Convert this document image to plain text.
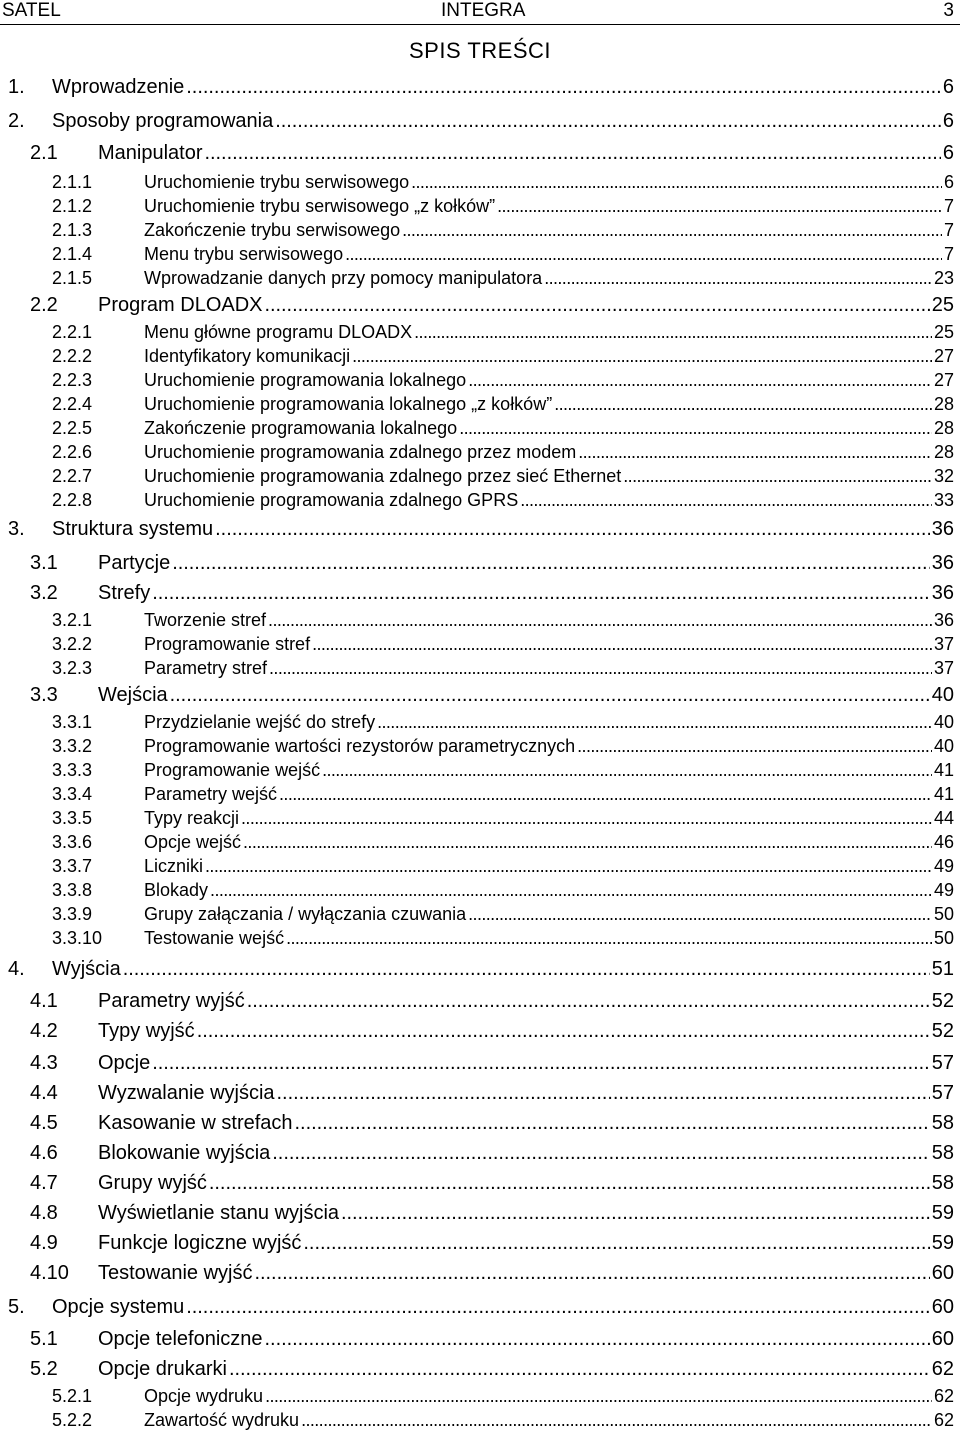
SATEL	INTEGRA	3
SPIS TREŚCI
1. Wprowadzenie . . .	6
2. Sposoby programowania . . .	6
2.1 Manipulator . . .	6
2.1.1	Uruchomienie trybu serwisowego . . .	6
2.1.2	Uruchomienie trybu serwisowego „z kołków” . . .	7
2.1.3	Zakończenie trybu serwisowego . . .	7
2.1.4	Menu trybu serwisowego . . .	7
2.1.5	Wprowadzanie danych przy pomocy manipulatora . . .	23
2.2 Program DLOADX . . .	25
2.2.1	Menu główne programu DLOADX . . .	25
2.2.2	Identyfikatory komunikacji . . .	27
2.2.3	Uruchomienie programowania lokalnego . . .	27
2.2.4	Uruchomienie programowania lokalnego „z kołków” . . .	28
2.2.5	Zakończenie programowania lokalnego . . .	28
2.2.6	Uruchomienie programowania zdalnego przez modem . . .	28
2.2.7	Uruchomienie programowania zdalnego przez sieć Ethernet . . .	32
2.2.8	Uruchomienie programowania zdalnego GPRS . . .	33
3. Struktura systemu . . .	36
3.1 Partycje . . .	36
3.2 Strefy . . .	36
3.2.1	Tworzenie stref . . .	36
3.2.2	Programowanie stref . . .	37
3.2.3	Parametry stref . . .	37
3.3 Wejścia . . .	40
3.3.1	Przydzielanie wejść do strefy . . .	40
3.3.2	Programowanie wartości rezystorów parametrycznych . . .	40
3.3.3	Programowanie wejść . . .	41
3.3.4	Parametry wejść . . .	41
3.3.5	Typy reakcji . . .	44
3.3.6	Opcje wejść . . .	46
3.3.7	Liczniki . . .	49
3.3.8	Blokady . . .	49
3.3.9	Grupy załączania / wyłączania czuwania . . .	50
3.3.10 Testowanie wejść . . .	50
4. Wyjścia . . .	51
4.1 Parametry wyjść . . .	52
4.2 Typy wyjść . . .	52
4.3 Opcje . . .	57
4.4 Wyzwalanie wyjścia . . .	57
4.5 Kasowanie w strefach . . .	58
4.6 Blokowanie wyjścia . . .	58
4.7 Grupy wyjść . . .	58
4.8 Wyświetlanie stanu wyjścia . . .	59
4.9 Funkcje logiczne wyjść . . .	59
4.10 Testowanie wyjść . . .	60
5. Opcje systemu . . .	60
5.1 Opcje telefoniczne . . .	60
5.2 Opcje drukarki . . .	62
5.2.1	Opcje wydruku . . .	62
5.2.2	Zawartość wydruku . . .	62
